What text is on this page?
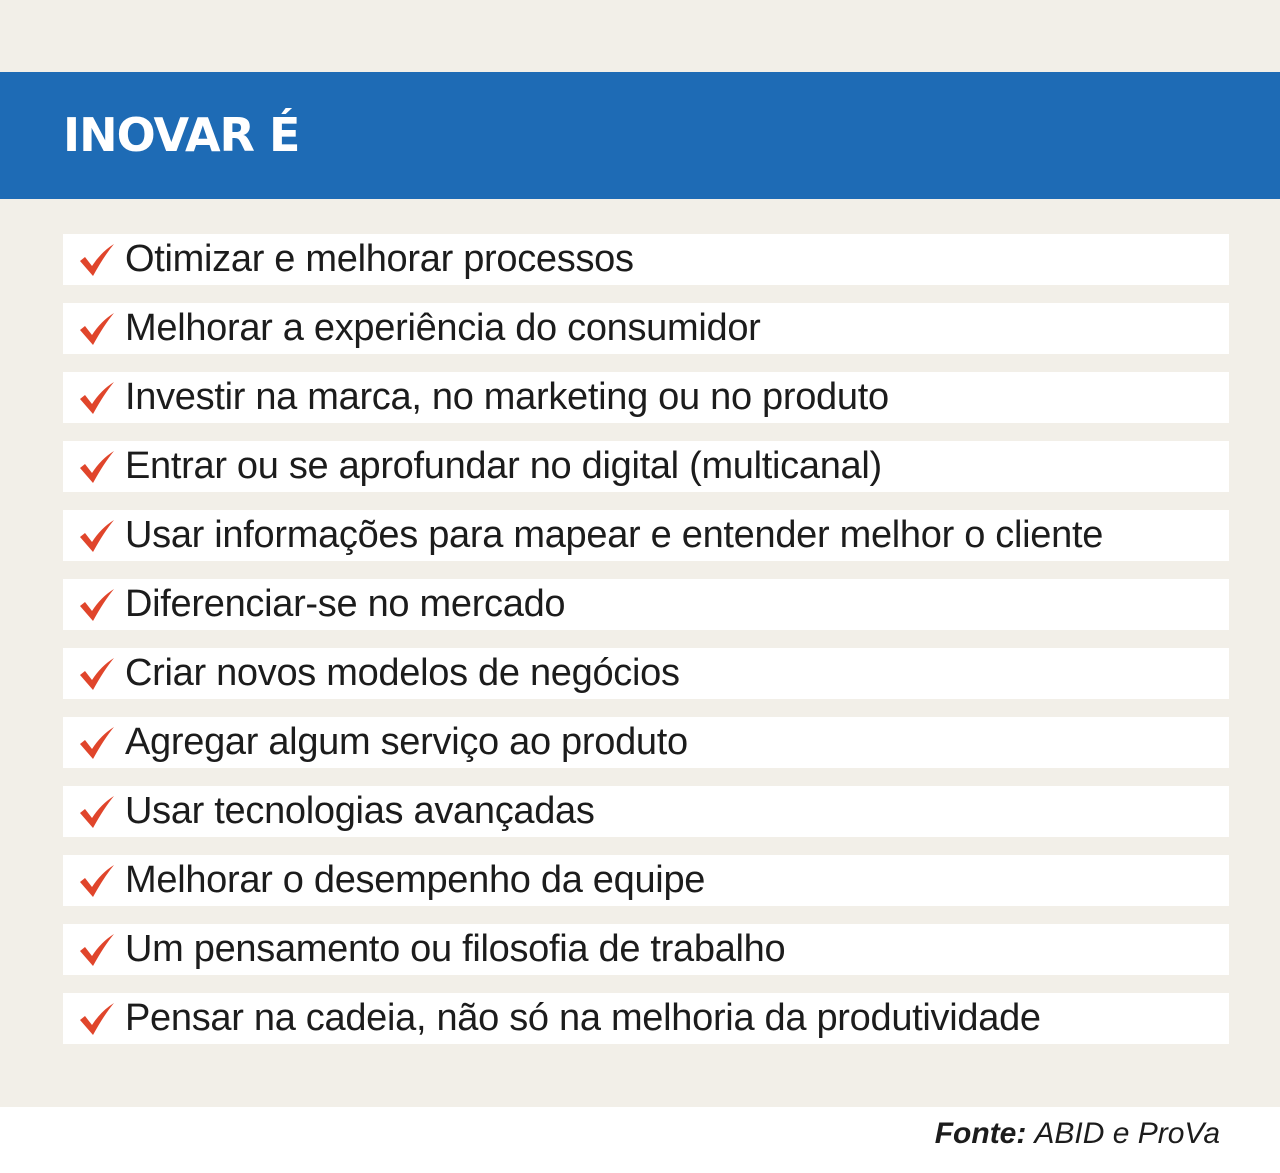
INOVAR É
Otimizar e melhorar processos
Melhorar a experiência do consumidor
Investir na marca, no marketing ou no produto
Entrar ou se aprofundar no digital (multicanal)
Usar informações para mapear e entender melhor o cliente
Diferenciar-se no mercado
Criar novos modelos de negócios
Agregar algum serviço ao produto
Usar tecnologias avançadas
Melhorar o desempenho da equipe
Um pensamento ou filosofia de trabalho
Pensar na cadeia, não só na melhoria da produtividade
Fonte: ABID e ProVa
